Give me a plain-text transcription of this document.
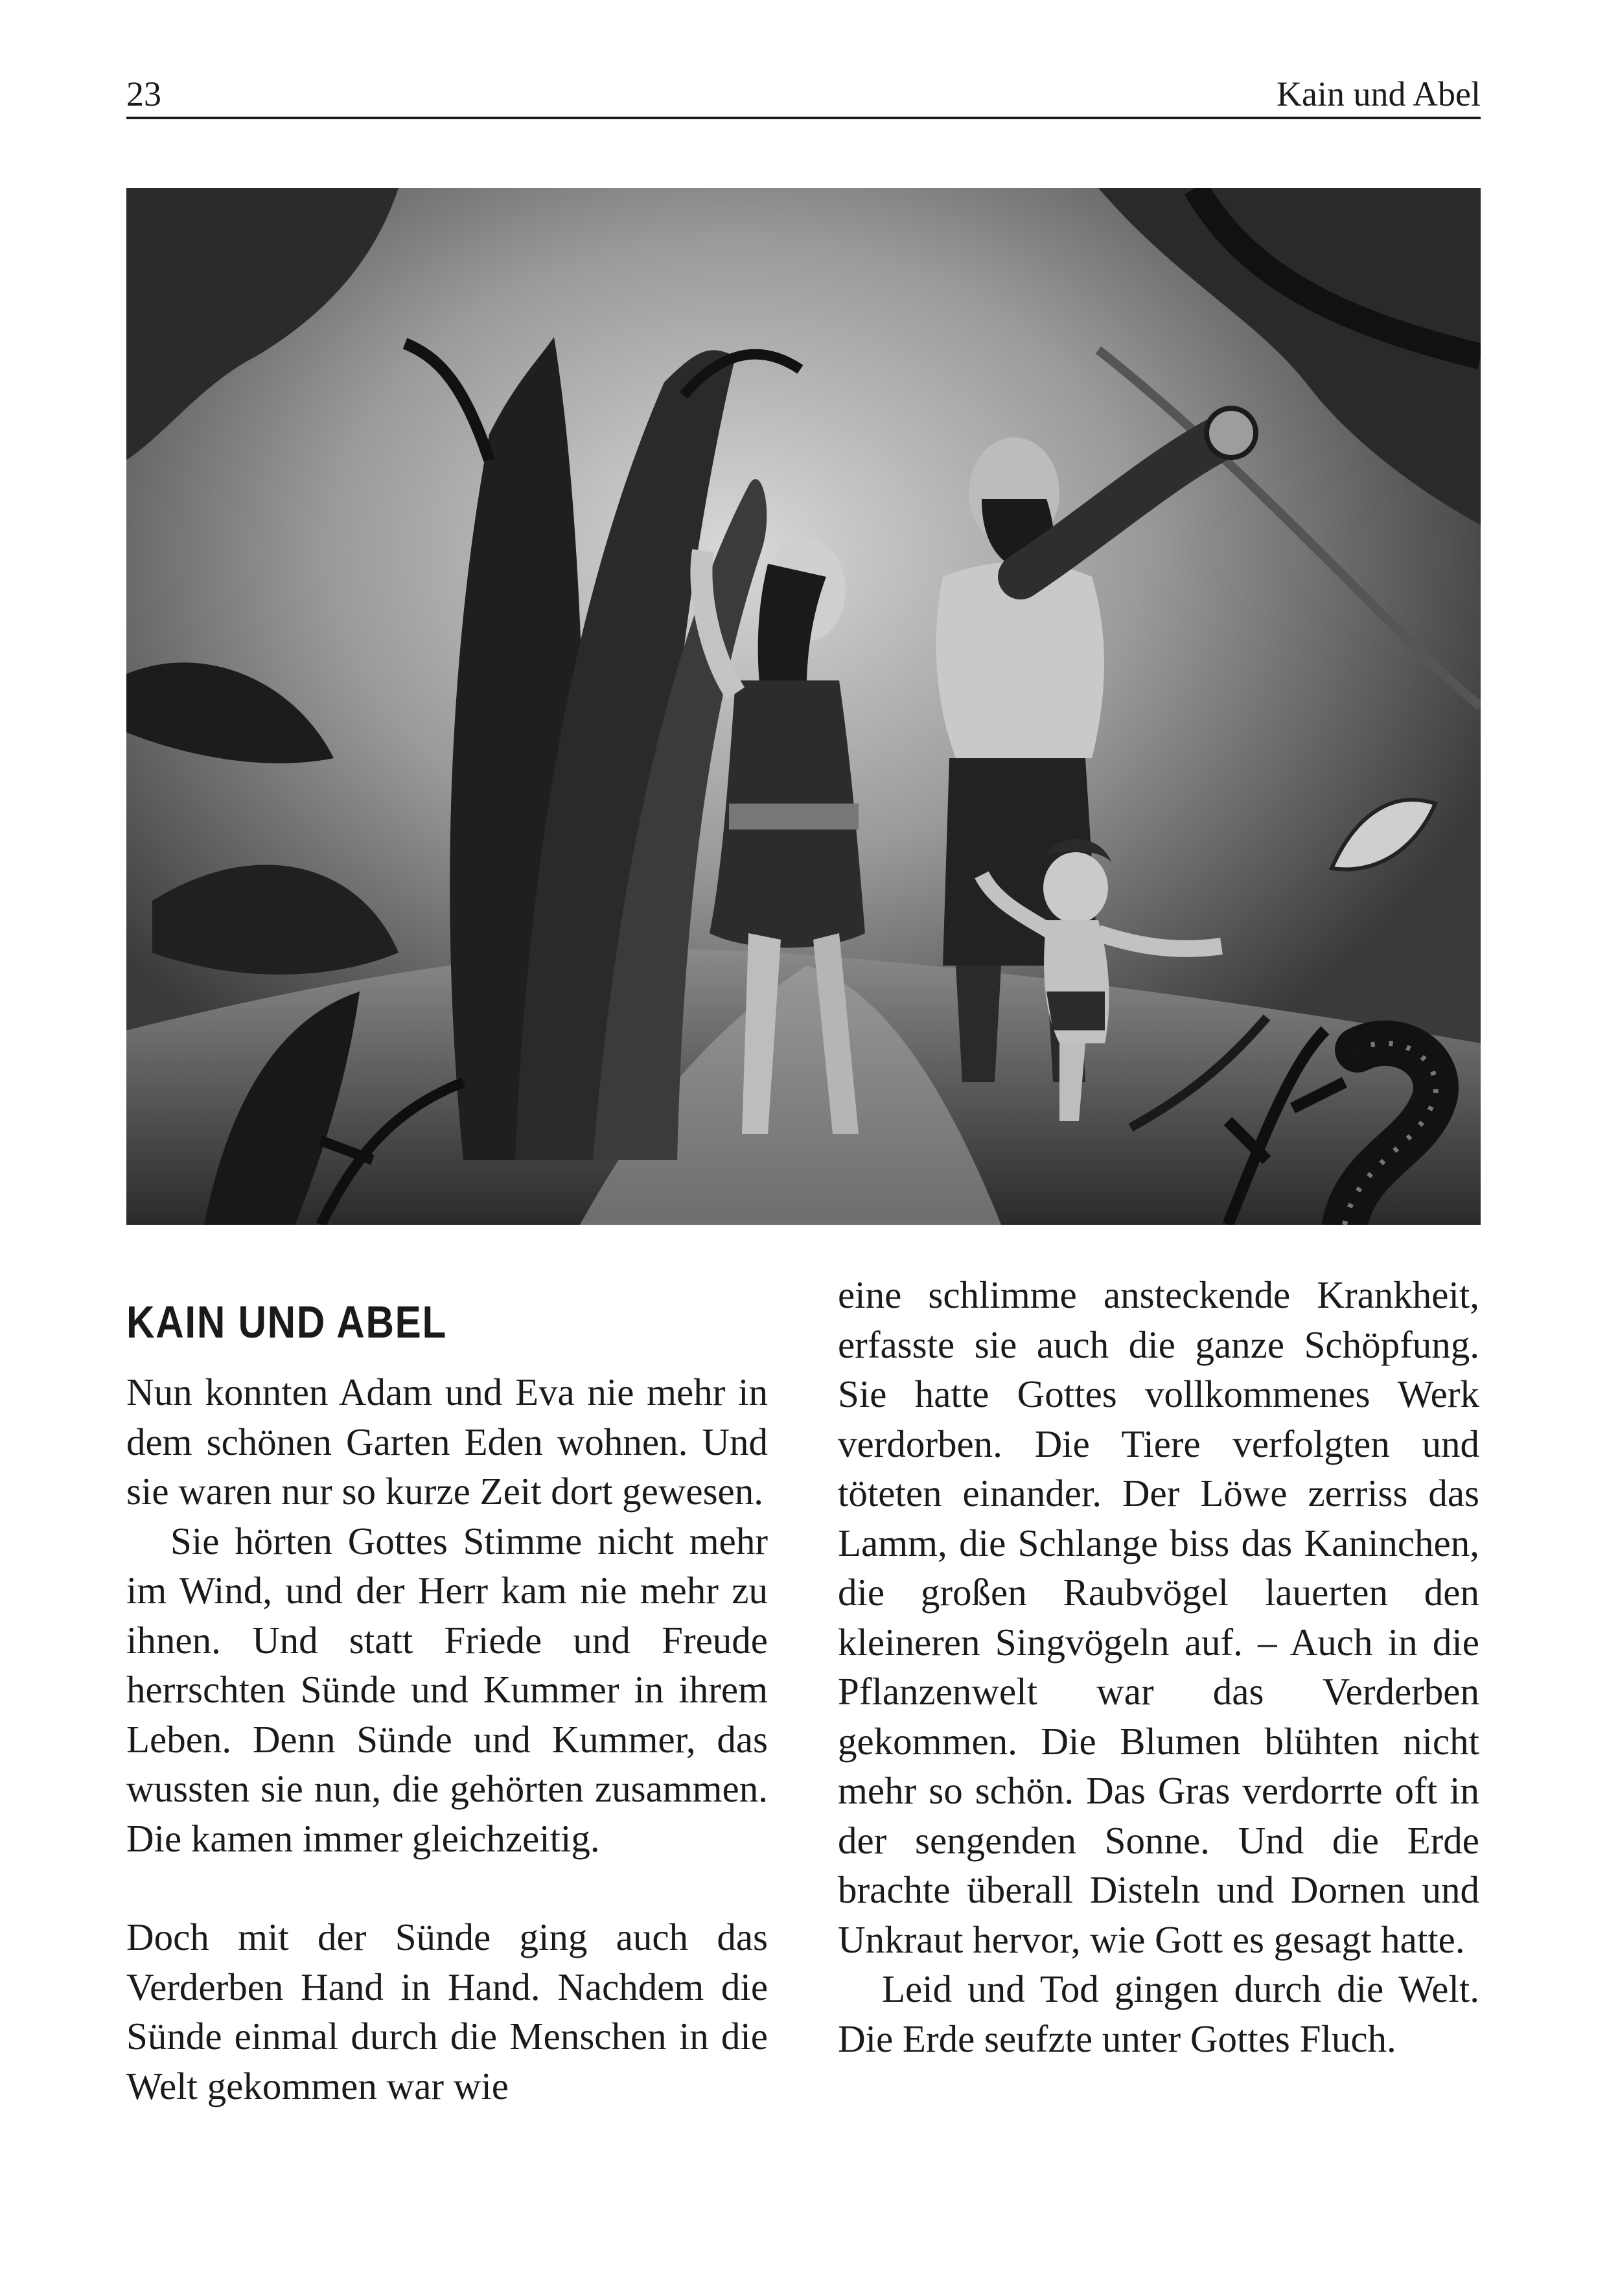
23	Kain und Abel
KAIN UND ABEL

Nun konnten Adam und Eva nie mehr in dem schönen Garten Eden wohnen. Und sie waren nur so kurze Zeit dort gewesen.

Sie hörten Gottes Stimme nicht mehr im Wind, und der Herr kam nie mehr zu ihnen. Und statt Friede und Freude herrschten Sünde und Kummer in ihrem Leben. Denn Sünde und Kummer, das wussten sie nun, die gehörten zusammen. Die kamen immer gleichzeitig.

Doch mit der Sünde ging auch das Verderben Hand in Hand. Nachdem die Sünde einmal durch die Menschen in die Welt gekommen war wie

eine schlimme ansteckende Krankheit, erfasste sie auch die ganze Schöpfung. Sie hatte Gottes vollkommenes Werk verdorben. Die Tiere verfolgten und töteten einander. Der Löwe zerriss das Lamm, die Schlange biss das Kaninchen, die großen Raubvögel lauerten den kleineren Singvögeln auf. – Auch in die Pflanzenwelt war das Verderben gekommen. Die Blumen blühten nicht mehr so schön. Das Gras verdorrte oft in der sengenden Sonne. Und die Erde brachte überall Disteln und Dornen und Unkraut hervor, wie Gott es gesagt hatte.

Leid und Tod gingen durch die Welt. Die Erde seufzte unter Gottes Fluch.
